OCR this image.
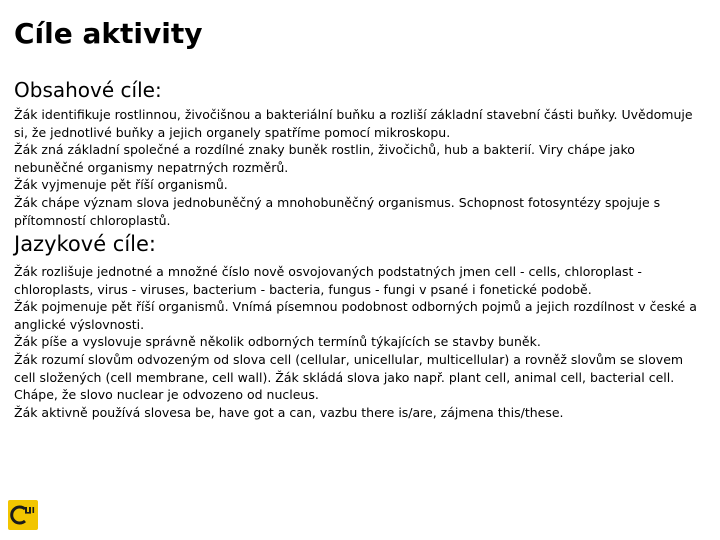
Cíle aktivity
Obsahové cíle:

Žák identifikuje rostlinnou, živočišnou a bakteriální buňku a rozliší základní stavební části buňky. Uvědomuje si, že jednotlivé buňky a jejich organely spatříme pomocí mikroskopu.

Žák zná základní společné a rozdílné znaky buněk rostlin, živočichů, hub a bakterií. Viry chápe jako nebuněčné organismy nepatrných rozměrů.

Žák vyjmenuje pět říší organismů.

Žák chápe význam slova jednobuněčný a mnohobuněčný organismus. Schopnost fotosyntézy spojuje s přítomností chloroplastů.

Jazykové cíle:

Žák rozlišuje jednotné a množné číslo nově osvojovaných podstatných jmen cell - cells, chloroplast - chloroplasts, virus - viruses, bacterium - bacteria, fungus - fungi v psané i fonetické podobě.

Žák pojmenuje pět říší organismů. Vnímá písemnou podobnost odborných pojmů a jejich rozdílnost v české a anglické výslovnosti.

Žák píše a vyslovuje správně několik odborných termínů týkajících se stavby buněk.

Žák rozumí slovům odvozeným od slova cell (cellular, unicellular, multicellular) a rovněž slovům se slovem cell složených (cell membrane, cell wall). Žák skládá slova jako např. plant cell, animal cell, bacterial cell. Chápe, že slovo nuclear je odvozeno od nucleus.

Žák aktivně používá slovesa be, have got a can, vazbu there is/are, zájmena this/these.
